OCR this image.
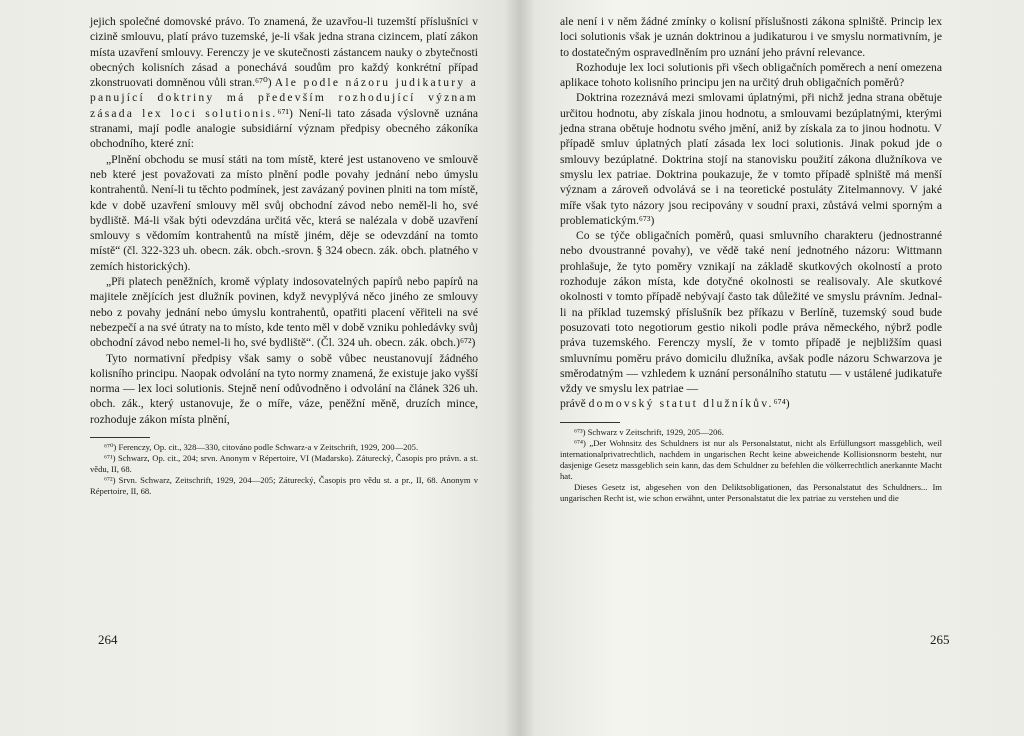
jejich společné domovské právo. To znamená, že uzavřou-li tuzemští příslušníci v cizině smlouvu, platí právo tuzemské, je-li však jedna strana cizincem, platí zákon místa uzavření smlouvy. Ferenczy je ve skutečnosti zástancem nauky o zbytečnosti obecných kolisních zásad a ponechává soudům pro každý konkrétní případ zkonstruovati domněnou vůli stran.⁶⁷⁰) Ale podle názoru judikatury a panující doktriny má především rozhodující význam zásada lex loci solutionis.⁶⁷¹) Není-li tato zásada výslovně uznána stranami, mají podle analogie subsidiární význam předpisy obecného zákoníka obchodního, které zní:

„Plnění obchodu se musí státi na tom místě, které jest ustanoveno ve smlouvě neb které jest považovati za místo plnění podle povahy jednání nebo úmyslu kontrahentů. Není-li tu těchto podmínek, jest zavázaný povinen plniti na tom místě, kde v době uzavření smlouvy měl svůj obchodní závod nebo neměl-li ho, své bydliště. Má-li však býti odevzdána určitá věc, která se nalézala v době uzavření smlouvy s vědomím kontrahentů na místě jiném, děje se odevzdání na tomto místě“ (čl. 322-323 uh. obecn. zák. obch.-srovn. § 324 obecn. zák. obch. platného v zemích historických).

„Při platech peněžních, kromě výplaty indosovatelných papírů nebo papírů na majitele znějících jest dlužník povinen, když nevyplývá něco jiného ze smlouvy nebo z povahy jednání nebo úmyslu kontrahentů, opatřiti placení věřiteli na své nebezpečí a na své útraty na to místo, kde tento měl v době vzniku pohledávky svůj obchodní závod nebo nemel-li ho, své bydliště“. (Čl. 324 uh. obecn. zák. obch.)⁶⁷²)

Tyto normativní předpisy však samy o sobě vůbec neustanovují žádného kolisního principu. Naopak odvolání na tyto normy znamená, že existuje jako vyšší norma — lex loci solutionis. Stejně není odůvodněno i odvolání na článek 326 uh. obch. zák., který ustanovuje, že o míře, váze, peněžní měně, druzích mince, rozhoduje zákon místa plnění,

⁶⁷⁰) Ferenczy, Op. cit., 328—330, citováno podle Schwarz-a v Zeitschrift, 1929, 200—205.

⁶⁷¹) Schwarz, Op. cit., 204; srvn. Anonym v Répertoire, VI (Mađarsko). Záturecký, Časopis pro právn. a st. vědu, II, 68.

⁶⁷²) Srvn. Schwarz, Zeitschrift, 1929, 204—205; Záturecký, Časopis pro vědu st. a pr., II, 68. Anonym v Répertoire, II, 68.

264

ale není i v něm žádné zmínky o kolisní příslušnosti zákona splniště. Princip lex loci solutionis však je uznán doktrinou a judikaturou i ve smyslu normativním, je to dostatečným ospravedlněním pro uznání jeho právní relevance.

Rozhoduje lex loci solutionis při všech obligačních poměrech a není omezena aplikace tohoto kolisního principu jen na určitý druh obligačních poměrů?

Doktrina rozeznává mezi smlovami úplatnými, při nichž jedna strana obětuje určitou hodnotu, aby získala jinou hodnotu, a smlouvami bezúplatnými, kterými jedna strana obětuje hodnotu svého jmění, aniž by získala za to jinou hodnotu. V případě smluv úplatných platí zásada lex loci solutionis. Jinak pokud jde o smlouvy bezúplatné. Doktrina stojí na stanovisku použití zákona dlužníkova ve smyslu lex patriae. Doktrina poukazuje, že v tomto případě splniště má menší význam a zároveň odvolává se i na teoretické postuláty Zitelmannovy. V jaké míře však tyto názory jsou recipovány v soudní praxi, zůstává velmi sporným a problematickým.⁶⁷³)

Co se týče obligačních poměrů, quasi smluvního charakteru (jednostranné nebo dvoustranné povahy), ve vědě také není jednotného názoru: Wittmann prohlašuje, že tyto poměry vznikají na základě skutkových okolností a proto rozhoduje zákon místa, kde dotyčné okolnosti se realisovaly. Ale skutkové okolnosti v tomto případě nebývají často tak důležité ve smyslu právním. Jednal-li na příklad tuzemský příslušník bez příkazu v Berlíně, tuzemský soud bude posuzovati toto negotiorum gestio nikoli podle práva německého, nýbrž podle práva tuzemského. Ferenczy myslí, že v tomto případě je nejbližším quasi smluvnímu poměru právo domicilu dlužníka, avšak podle názoru Schwarzova je směrodatným — vzhledem k uznání personálního statutu — v ustálené judikatuře vždy ve smyslu lex patriae —
právě domovský statut dlužníkův.⁶⁷⁴)

⁶⁷³) Schwarz v Zeitschrift, 1929, 205—206.

⁶⁷⁴) „Der Wohnsitz des Schuldners ist nur als Personalstatut, nicht als Erfüllungsort massgeblich, weil internationalprivatrechtlich, nachdem in ungarischen Recht keine abweichende Kollisionsnorm besteht, nur dasjenige Gesetz massgeblich sein kann, das dem Schuldner zu befehlen die völkerrechtlich anerkannte Macht hat.

Dieses Gesetz ist, abgesehen von den Deliktsobligationen, das Personalstatut des Schuldners... Im ungarischen Recht ist, wie schon erwähnt, unter Personalstatut die lex patriae zu verstehen und die

265
